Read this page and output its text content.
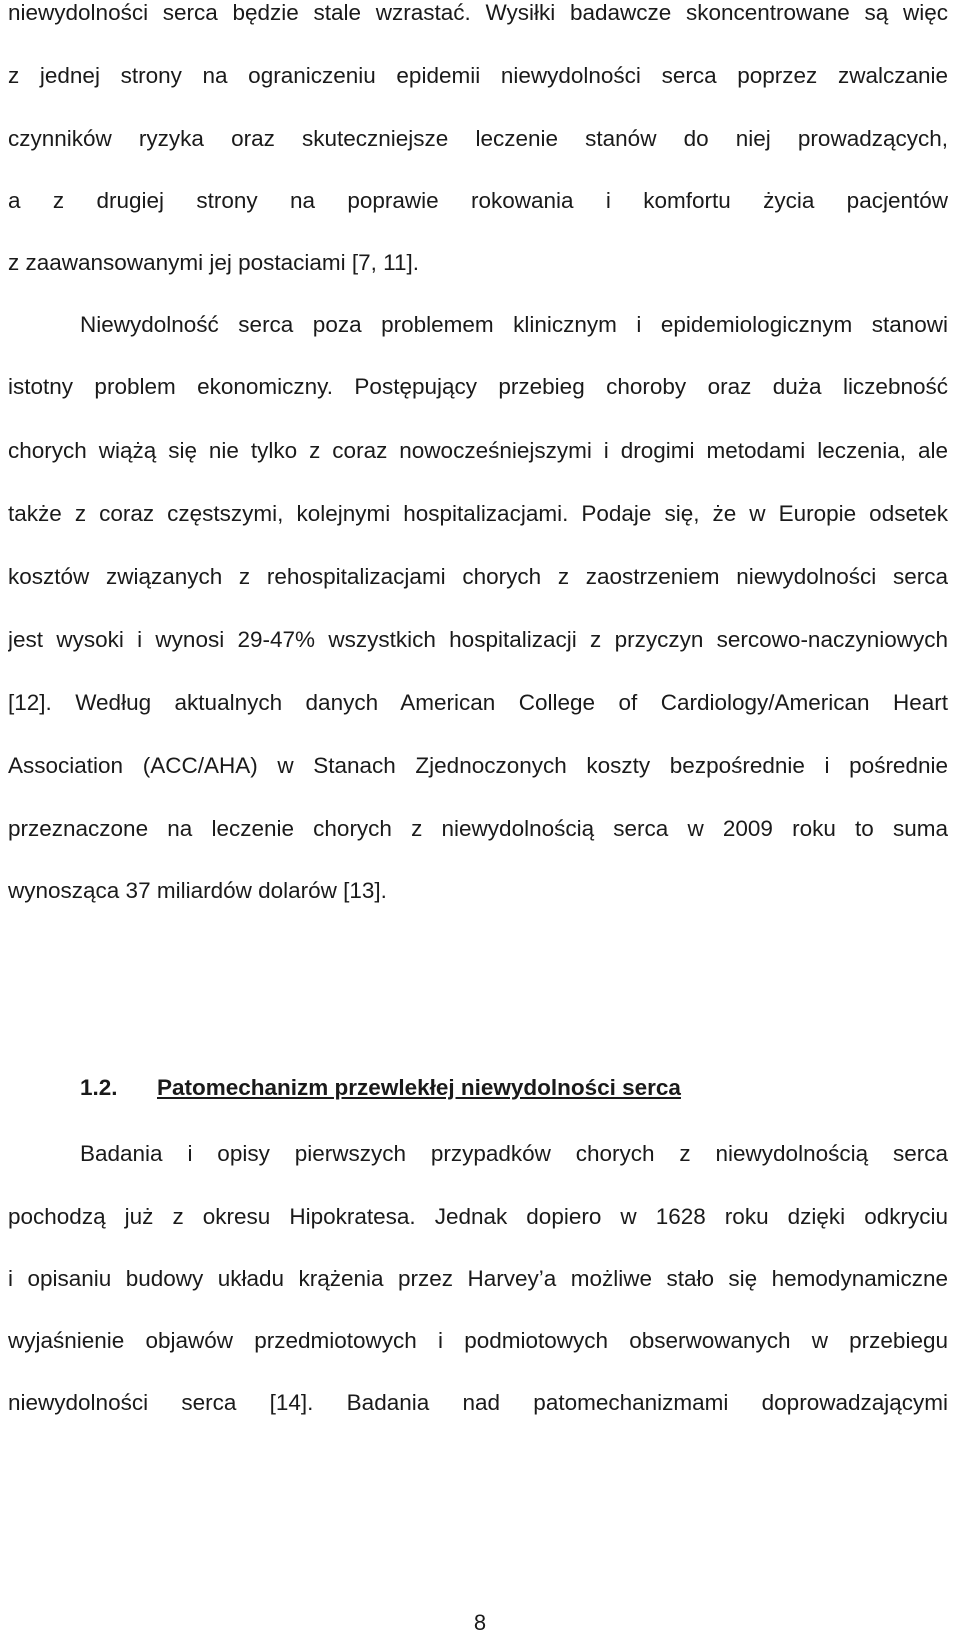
niewydolności serca będzie stale wzrastać. Wysiłki badawcze skoncentrowane są więc
z jednej strony na ograniczeniu epidemii niewydolności serca poprzez zwalczanie
czynników ryzyka oraz skuteczniejsze leczenie stanów do niej prowadzących,
a z drugiej strony na poprawie rokowania i komfortu życia pacjentów
z zaawansowanymi jej postaciami [7, 11].
Niewydolność serca poza problemem klinicznym i epidemiologicznym stanowi
istotny problem ekonomiczny. Postępujący przebieg choroby oraz duża liczebność
chorych wiążą się nie tylko z coraz nowocześniejszymi i drogimi metodami leczenia, ale
także z coraz częstszymi, kolejnymi hospitalizacjami. Podaje się, że w Europie odsetek
kosztów związanych z rehospitalizacjami chorych z zaostrzeniem niewydolności serca
jest wysoki i wynosi 29-47% wszystkich hospitalizacji z przyczyn sercowo-naczyniowych
[12]. Według aktualnych danych American College of Cardiology/American Heart
Association (ACC/AHA) w Stanach Zjednoczonych koszty bezpośrednie i pośrednie
przeznaczone na leczenie chorych z niewydolnością serca w 2009 roku to suma
wynosząca 37 miliardów dolarów [13].
1.2. Patomechanizm przewlekłej niewydolności serca
Badania i opisy pierwszych przypadków chorych z niewydolnością serca
pochodzą już z okresu Hipokratesa. Jednak dopiero w 1628 roku dzięki odkryciu
i opisaniu budowy układu krążenia przez Harvey’a możliwe stało się hemodynamiczne
wyjaśnienie objawów przedmiotowych i podmiotowych obserwowanych w przebiegu
niewydolności serca [14]. Badania nad patomechanizmami doprowadzającymi
8
